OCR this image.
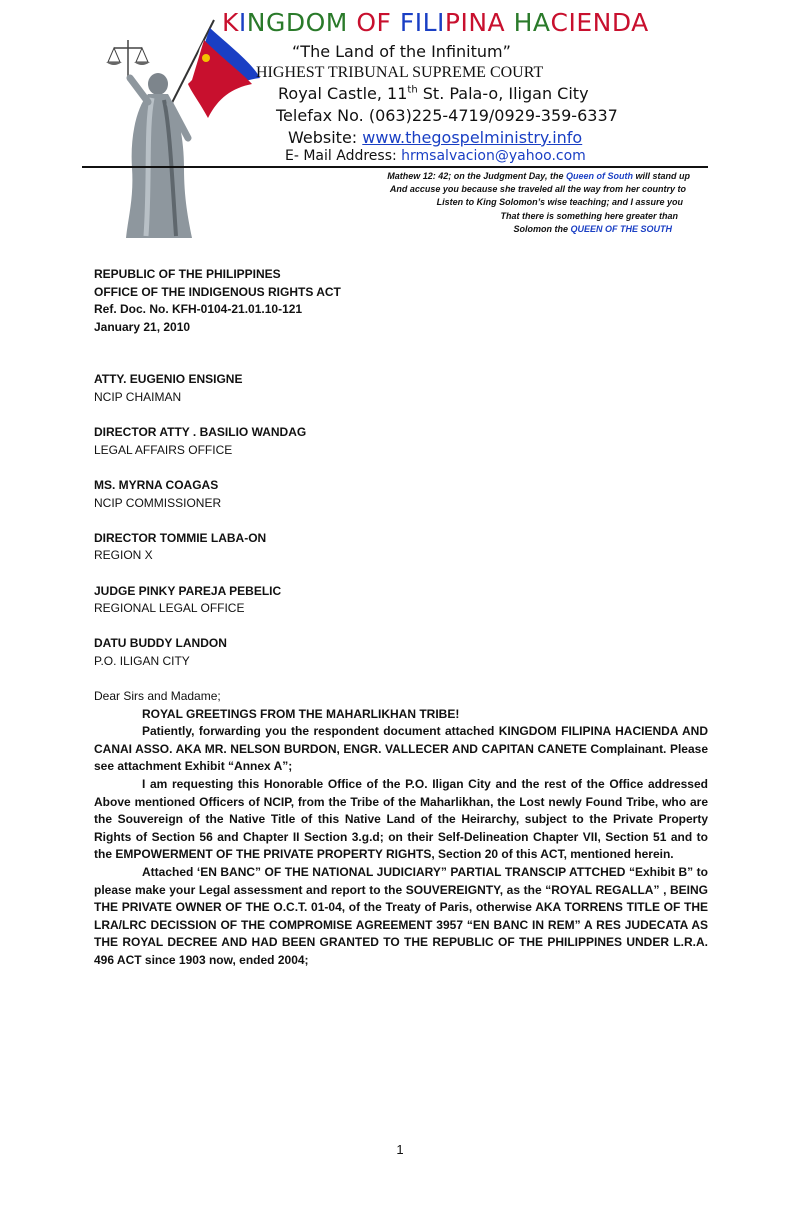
KINGDOM OF FILIPINA HACIENDA
“The Land of the Infinitum”
HIGHEST TRIBUNAL SUPREME COURT
Royal Castle, 11th St. Pala-o, Iligan City
Telefax No. (063)225-4719/0929-359-6337
Website: www.thegospelministry.info
E- Mail Address: hrmsalvacion@yahoo.com
Mathew 12: 42; on the Judgment Day, the Queen of South will stand up
And accuse you because she traveled all the way from her country to
Listen to King Solomon’s wise teaching; and I assure you
That there is something here greater than
Solomon the QUEEN OF THE SOUTH

REPUBLIC OF THE PHILIPPINES

OFFICE OF THE INDIGENOUS RIGHTS ACT

Ref. Doc. No. KFH-0104-21.01.10-121

January 21, 2010

ATTY. EUGENIO ENSIGNE

NCIP CHAIMAN

DIRECTOR ATTY . BASILIO WANDAG

LEGAL AFFAIRS OFFICE

MS. MYRNA COAGAS

NCIP COMMISSIONER

DIRECTOR TOMMIE LABA-ON

REGION X

JUDGE PINKY PAREJA PEBELIC

REGIONAL LEGAL OFFICE

DATU BUDDY LANDON

P.O. ILIGAN CITY

Dear Sirs and Madame;

ROYAL GREETINGS FROM THE MAHARLIKHAN TRIBE!

Patiently, forwarding you the respondent document attached KINGDOM FILIPINA HACIENDA AND CANAI ASSO. AKA MR. NELSON BURDON, ENGR. VALLECER AND CAPITAN CANETE Complainant. Please see attachment Exhibit “Annex A”;

I am requesting this Honorable Office of the P.O. Iligan City and the rest of the Office addressed Above mentioned Officers of NCIP, from the Tribe of the Maharlikhan, the Lost newly Found Tribe, who are the Souvereign of the Native Title of this Native Land of the Heirarchy, subject to the Private Property Rights of Section 56 and Chapter II Section 3.g.d; on their Self-Delineation Chapter VII, Section 51 and to the EMPOWERMENT OF THE PRIVATE PROPERTY RIGHTS, Section 20 of this ACT, mentioned herein.

Attached ‘EN BANC” OF THE NATIONAL JUDICIARY” PARTIAL TRANSCIP ATTCHED “Exhibit B” to please make your Legal assessment and report to the SOUVEREIGNTY, as the “ROYAL REGALLA” , BEING THE PRIVATE OWNER OF THE O.C.T. 01-04, of the Treaty of Paris, otherwise AKA TORRENS TITLE OF THE LRA/LRC DECISSION OF THE COMPROMISE AGREEMENT 3957 “EN BANC IN REM” A RES JUDECATA AS THE ROYAL DECREE AND HAD BEEN GRANTED TO THE REPUBLIC OF THE PHILIPPINES UNDER L.R.A. 496 ACT since 1903 now, ended 2004;

1
